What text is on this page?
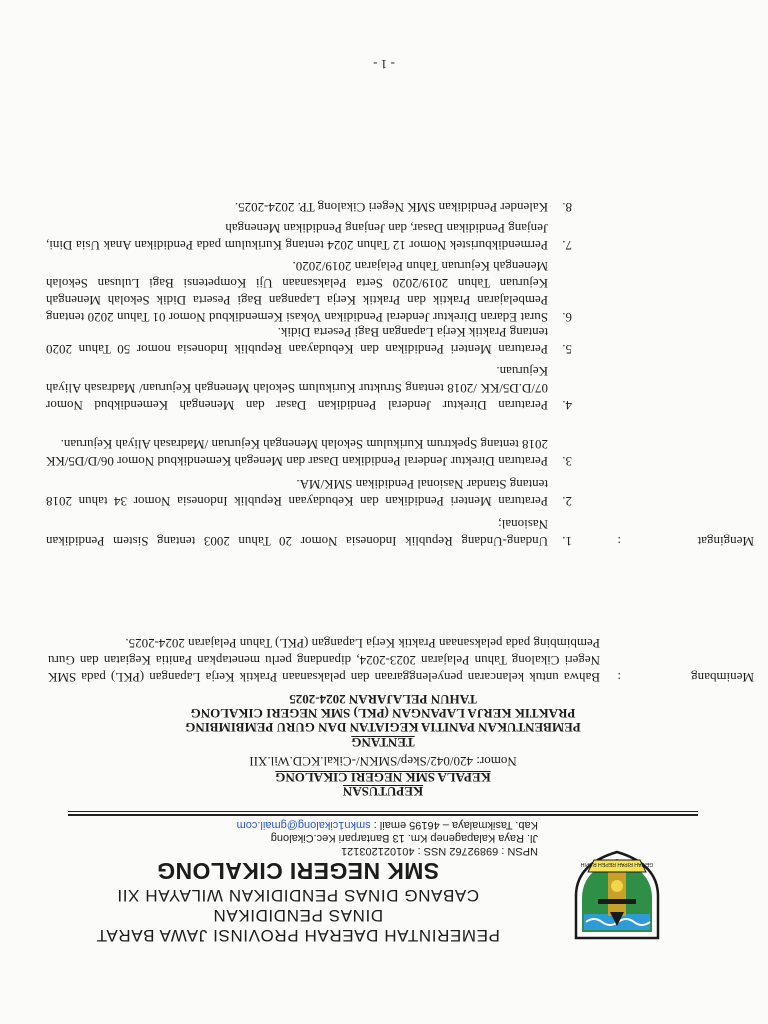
GEMAH RIPAH REPEH RAPIH
PEMERINTAH DAERAH PROVINSI JAWA BARAT
DINAS PENDIDIKAN
CABANG DINAS PENDIDIKAN WILAYAH XII
SMK NEGERI CIKALONG
NPSN : 69892762 NSS : 401021203121
Jl. Raya Kalapagenep Km. 13 Bantarpari Kec.Cikalong
Kab. Tasikmalaya – 46195 email : smkn1cikalong@gmail.com
KEPUTUSAN
KEPALA SMK NEGERI CIKALONG
Nomor: 420/042/Skep/SMKN/-Cikal.KCD.Wil.XII
TENTANG
PEMBENTUKAN PANITIA KEGIATAN DAN GURU PEMBIMBING
PRAKTIK KERJA LAPANGAN (PKL) SMK NEGERI CIKALONG
TAHUN PELAJARAN 2024-2025
Menimbang
:
Bahwa untuk kelancaran penyelenggaraan dan pelaksanaan Praktik Kerja Lapangan (PKL) pada SMK Negeri Cikalong Tahun Pelajaran 2023-2024, dipandang perlu menetapkan Panitia Kegiatan dan Guru Pembimbing pada pelaksanaan Praktik Kerja Lapangan (PKL) Tahun Pelajaran 2024-2025.
Mengingat
:
1.
Undang-Undang Republik Indonesia Nomor 20 Tahun 2003 tentang Sistem Pendidikan Nasional;
2.
Peraturan Menteri Pendidikan dan Kebudayaan Republik Indonesia Nomor 34 tahun 2018 tentang Standar Nasional Pendidikan SMK/MA.
3.
Peraturan Direktur Jenderal Pendidikan Dasar dan Menegah Kemendikbud Nomor 06/D/D5/KK 2018 tentang Spektrum Kurikulum Sekolah Menengah Kejuruan /Madrasah Aliyah Kejuruan.
4.
Peraturan Direktur Jenderal Pendidikan Dasar dan Menengah Kemendikbud Nomor 07/D.D5/KK /2018 tentang Struktur Kurikulum Sekolah Menengah Kejuruan/ Madrasah Aliyah Kejuruan.
5.
Peraturan Menteri Pendidikan dan Kebudayaan Republik Indonesia nomor 50 Tahun 2020 tentang Praktik Kerja Lapangan Bagi Peserta Didik.
6.
Surat Edaran Direktur Jenderal Pendidikan Vokasi Kemendikbud Nomor 01 Tahun 2020 tentang Pembelajaran Praktik dan Praktik Kerja Lapangan Bagi Peserta Didik Sekolah Menengah Kejuruan Tahun 2019/2020 Serta Pelaksanaan Uji Kompetensi Bagi Lulusan Sekolah Menengah Kejuruan Tahun Pelajaran 2019/2020.
7.
Permendikburistek Nomor 12 Tahun 2024 tentang Kurikulum pada Pendidikan Anak Usia Dini, Jenjang Pendidikan Dasar, dan Jenjang Pendidikan Menengah
8.
Kalender Pendidikan SMK Negeri Cikalong TP. 2024-2025.
- 1 -
